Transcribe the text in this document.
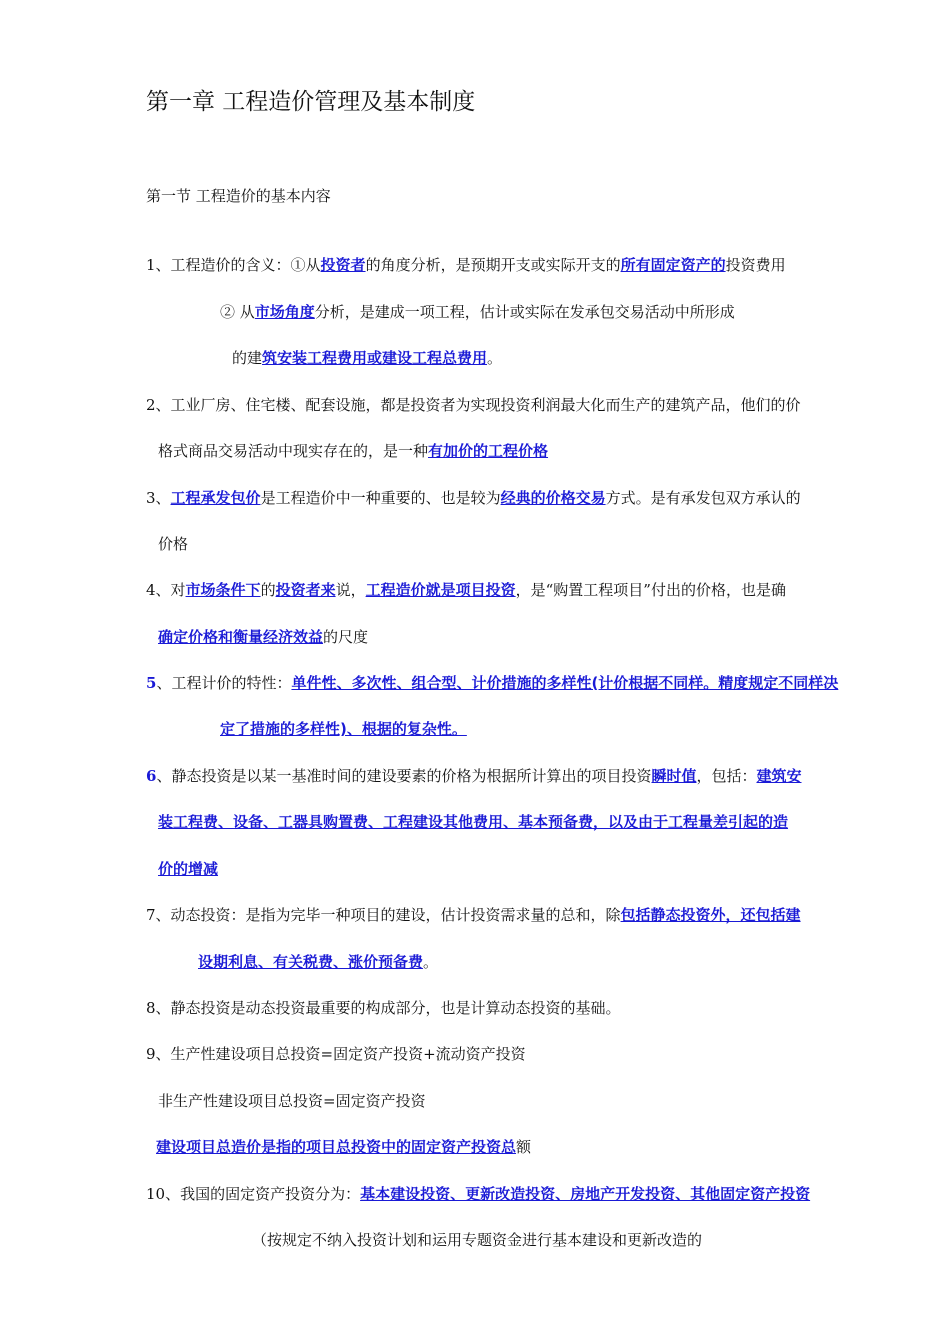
第一章 工程造价管理及基本制度
第一节 工程造价的基本内容
1、工程造价的含义：①从投资者的角度分析，是预期开支或实际开支的所有固定资产的投资费用
② 从市场角度分析，是建成一项工程，估计或实际在发承包交易活动中所形成
的建筑安装工程费用或建设工程总费用。
2、工业厂房、住宅楼、配套设施，都是投资者为实现投资利润最大化而生产的建筑产品，他们的价
格式商品交易活动中现实存在的，是一种有加价的工程价格
3、工程承发包价是工程造价中一种重要的、也是较为经典的价格交易方式。是有承发包双方承认的
价格
4、对市场条件下的投资者来说，工程造价就是项目投资，是“购置工程项目”付出的价格，也是确
确定价格和衡量经济效益的尺度
5、工程计价的特性：单件性、多次性、组合型、计价措施的多样性(计价根据不同样。精度规定不同样决
定了措施的多样性)、根据的复杂性。
6、静态投资是以某一基准时间的建设要素的价格为根据所计算出的项目投资瞬时值，包括：建筑安
装工程费、设备、工器具购置费、工程建设其他费用、基本预备费，以及由于工程量差引起的造
价的增减
7、动态投资：是指为完毕一种项目的建设，估计投资需求量的总和，除包括静态投资外，还包括建
设期利息、有关税费、涨价预备费。
8、静态投资是动态投资最重要的构成部分，也是计算动态投资的基础。
9、生产性建设项目总投资=固定资产投资+流动资产投资
非生产性建设项目总投资=固定资产投资
建设项目总造价是指的项目总投资中的固定资产投资总额
10、我国的固定资产投资分为：基本建设投资、更新改造投资、房地产开发投资、其他固定资产投资
（按规定不纳入投资计划和运用专题资金进行基本建设和更新改造的
